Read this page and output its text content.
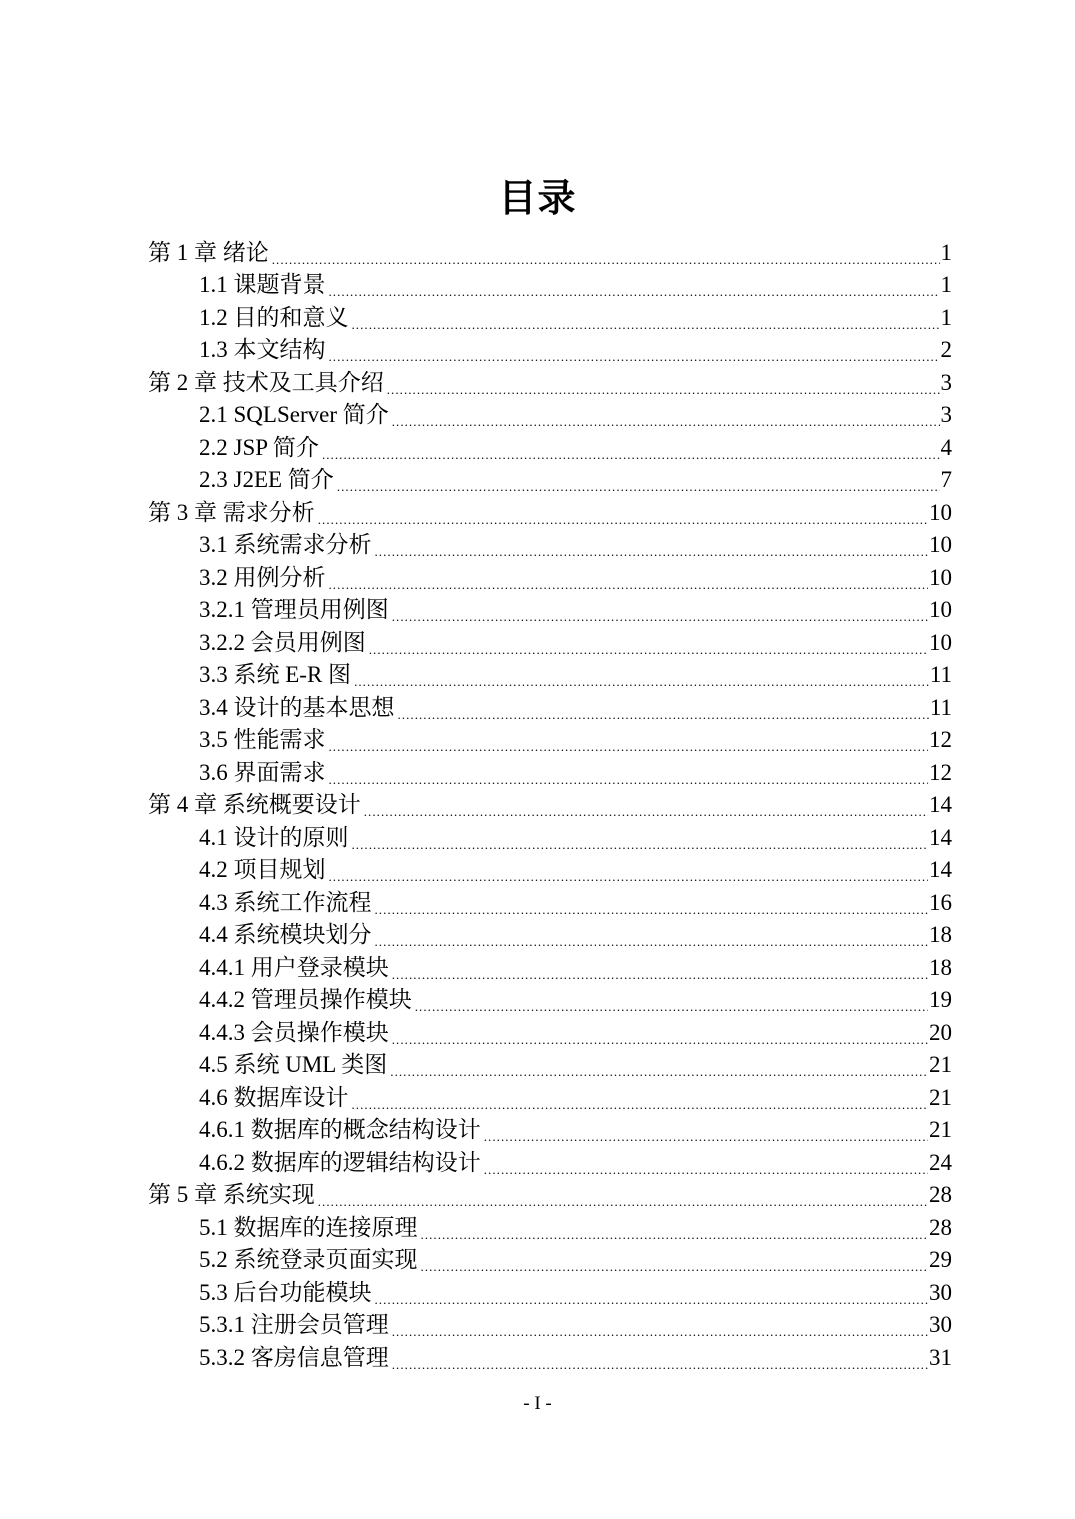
目录
第 1 章 绪论 . . .	1
1.1 课题背景 . . .	1
1.2 目的和意义 . . .	1
1.3 本文结构 . . .	2
第 2 章 技术及工具介绍 . . .	3
2.1 SQLServer 简介 . . .	3
2.2 JSP 简介 . . .	4
2.3 J2EE 简介 . . .	7
第 3 章 需求分析 . . .	10
3.1 系统需求分析 . . .	10
3.2 用例分析 . . .	10
3.2.1 管理员用例图 . . .	10
3.2.2 会员用例图 . . .	10
3.3 系统 E-R 图 . . .	11
3.4 设计的基本思想 . . .	11
3.5 性能需求 . . .	12
3.6 界面需求 . . .	12
第 4 章 系统概要设计 . . .	14
4.1 设计的原则 . . .	14
4.2 项目规划 . . .	14
4.3 系统工作流程 . . .	16
4.4 系统模块划分 . . .	18
4.4.1 用户登录模块 . . .	18
4.4.2 管理员操作模块 . . .	19
4.4.3 会员操作模块 . . .	20
4.5 系统 UML 类图 . . .	21
4.6 数据库设计 . . .	21
4.6.1 数据库的概念结构设计 . . .	21
4.6.2 数据库的逻辑结构设计 . . .	24
第 5 章 系统实现 . . .	28
5.1 数据库的连接原理 . . .	28
5.2 系统登录页面实现 . . .	29
5.3 后台功能模块 . . .	30
5.3.1 注册会员管理 . . .	30
5.3.2 客房信息管理 . . .	31
- I -
